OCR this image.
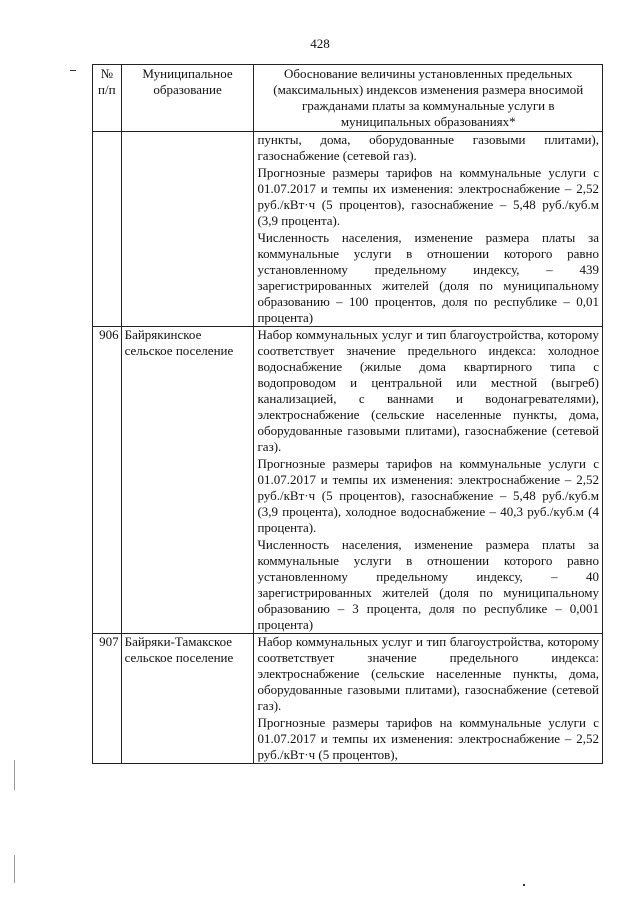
428
№
п/п	Муниципальное образование	Обоснование величины установленных предельных (максимальных) индексов изменения размера вносимой гражданами платы за коммунальные услуги в муниципальных образованиях*

		пункты, дома, оборудованные газовыми плитами), газоснабжение (сетевой газ).

Прогнозные размеры тарифов на коммунальные услуги с 01.07.2017 и темпы их изменения: электроснабжение – 2,52 руб./кВт·ч (5 процентов), газоснабжение – 5,48 руб./куб.м (3,9 процента).

Численность населения, изменение размера платы за коммунальные услуги в отношении которого равно установленному предельному индексу, – 439 зарегистрированных жителей (доля по муниципальному образованию – 100 процентов, доля по республике – 0,01 процента)

906	Байрякинское сельское поселение	Набор коммунальных услуг и тип благоустройства, которому соответствует значение предельного индекса: холодное водоснабжение (жилые дома квартирного типа с водопроводом и центральной или местной (выгреб) канализацией, с ваннами и водонагревателями), электроснабжение (сельские населенные пункты, дома, оборудованные газовыми плитами), газоснабжение (сетевой газ).

Прогнозные размеры тарифов на коммунальные услуги с 01.07.2017 и темпы их изменения: электроснабжение – 2,52 руб./кВт·ч (5 процентов), газоснабжение – 5,48 руб./куб.м (3,9 процента), холодное водоснабжение – 40,3 руб./куб.м (4 процента).

Численность населения, изменение размера платы за коммунальные услуги в отношении которого равно установленному предельному индексу, – 40 зарегистрированных жителей (доля по муниципальному образованию – 3 процента, доля по республике – 0,001 процента)

907	Байряки-Тамакское сельское поселение	Набор коммунальных услуг и тип благоустройства, которому соответствует значение предельного индекса: электроснабжение (сельские населенные пункты, дома, оборудованные газовыми плитами), газоснабжение (сетевой газ).

Прогнозные размеры тарифов на коммунальные услуги с 01.07.2017 и темпы их изменения: электроснабжение – 2,52 руб./кВт·ч (5 процентов),
